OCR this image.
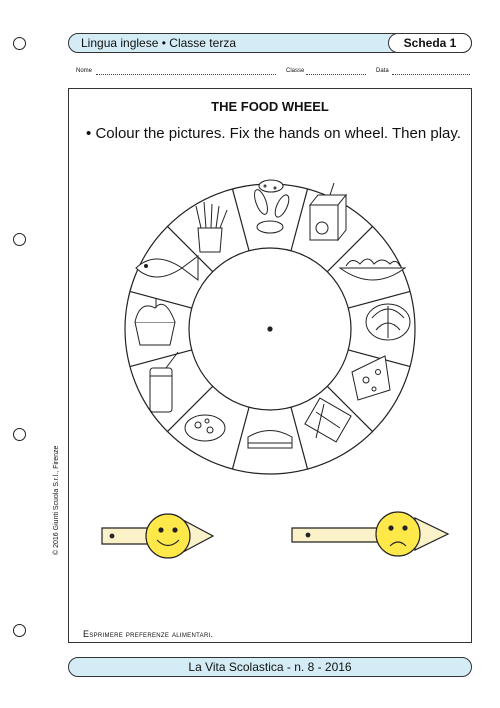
Lingua inglese • Classe terza	Scheda 1
Nome	Classe	Data
THE FOOD WHEEL
• Colour the pictures. Fix the hands on wheel. Then play.
Esprimere preferenze alimentari.
© 2016 Giunti Scuola S.r.l., Firenze
La Vita Scolastica - n. 8 - 2016
